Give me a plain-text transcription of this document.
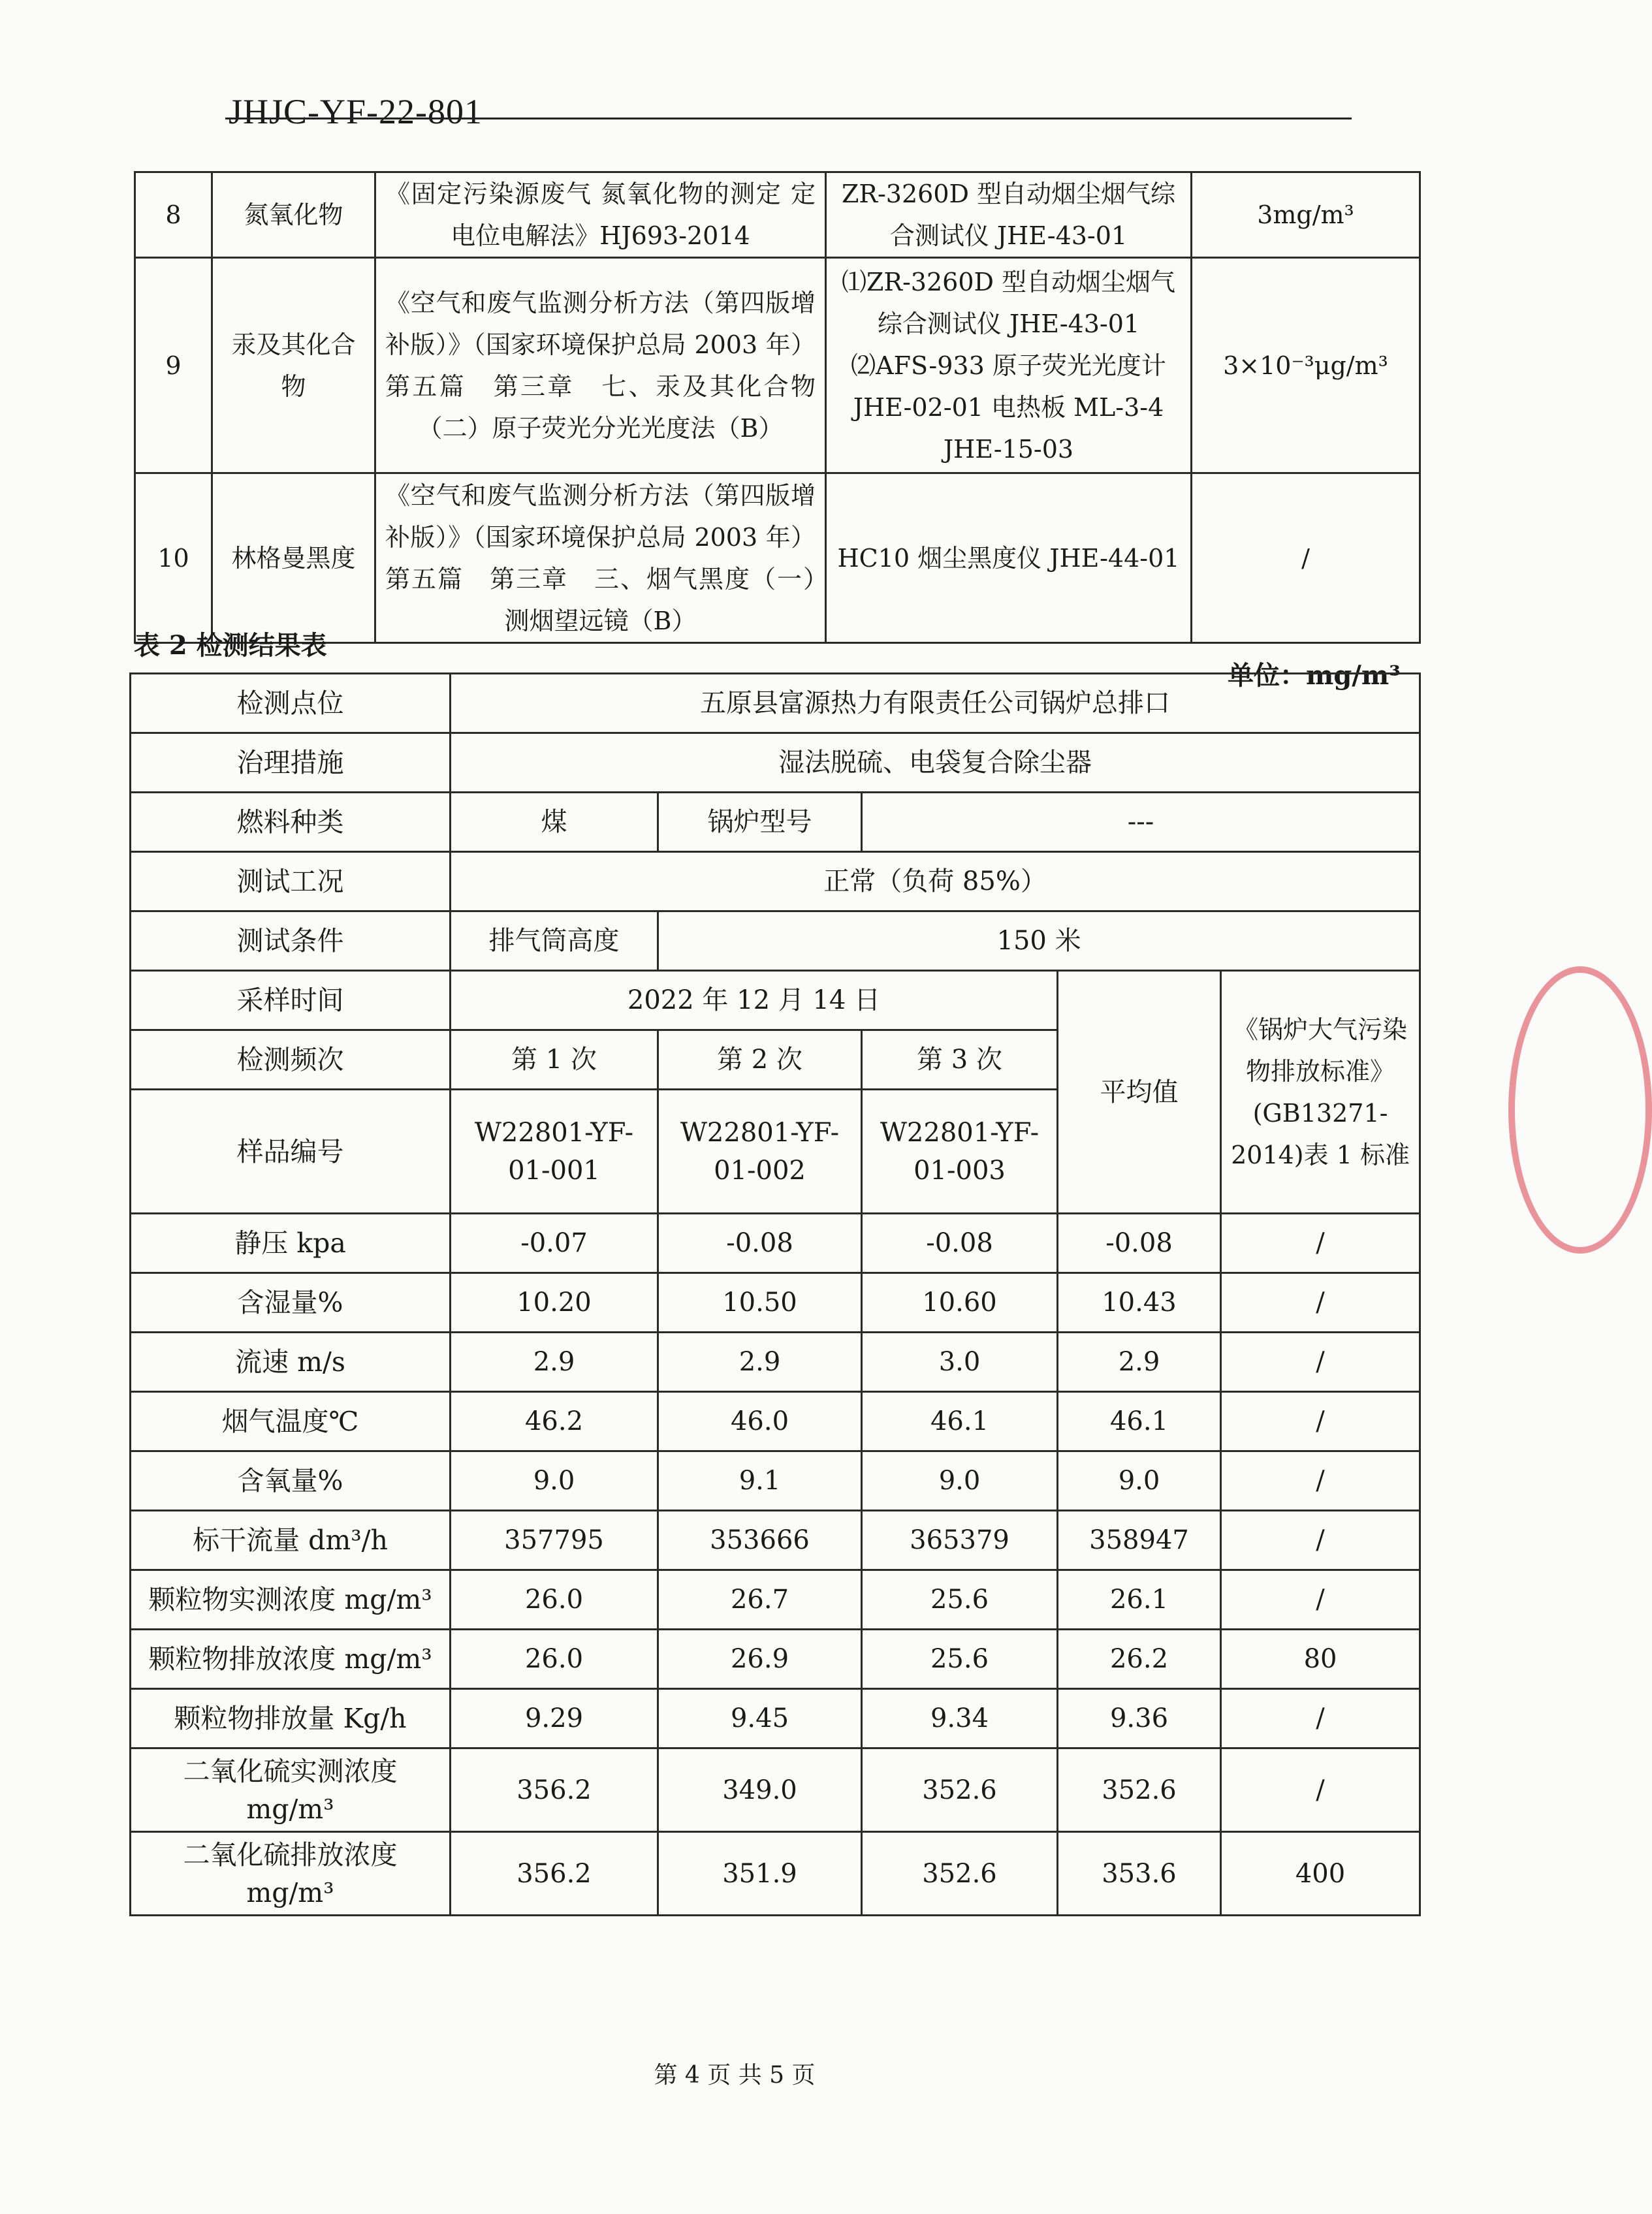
JHJC-YF-22-801
8	氮氧化物	《固定污染源废气 氮氧化物的测定 定电位电解法》HJ693-2014	ZR-3260D 型自动烟尘烟气综合测试仪 JHE-43-01	3mg/m³
9	汞及其化合物	《空气和废气监测分析方法（第四版增补版）》（国家环境保护总局 2003 年）第五篇　第三章　七、汞及其化合物（二）原子荧光分光光度法（B）	⑴ZR-3260D 型自动烟尘烟气综合测试仪 JHE-43-01 ⑵AFS-933 原子荧光光度计 JHE-02-01 电热板 ML-3-4　JHE-15-03	3×10⁻³μg/m³
10	林格曼黑度	《空气和废气监测分析方法（第四版增补版）》（国家环境保护总局 2003 年）第五篇　第三章　三、烟气黑度（一）　测烟望远镜（B）	HC10 烟尘黑度仪 JHE-44-01	/
表 2 检测结果表
单位：mg/m³
检测点位	五原县富源热力有限责任公司锅炉总排口				
治理措施	湿法脱硫、电袋复合除尘器				
燃料种类	煤	锅炉型号	---		
测试工况	正常（负荷 85%）				
测试条件	排气筒高度	150 米			
采样时间	2022 年 12 月 14 日			平均值	《锅炉大气污染物排放标准》(GB13271-2014)表 1 标准
检测频次	第 1 次	第 2 次	第 3 次		
样品编号	W22801-YF-01-001	W22801-YF-01-002	W22801-YF-01-003		
静压 kpa	-0.07	-0.08	-0.08	-0.08	/
含湿量%	10.20	10.50	10.60	10.43	/
流速 m/s	2.9	2.9	3.0	2.9	/
烟气温度℃	46.2	46.0	46.1	46.1	/
含氧量%	9.0	9.1	9.0	9.0	/
标干流量 dm³/h	357795	353666	365379	358947	/
颗粒物实测浓度 mg/m³	26.0	26.7	25.6	26.1	/
颗粒物排放浓度 mg/m³	26.0	26.9	25.6	26.2	80
颗粒物排放量 Kg/h	9.29	9.45	9.34	9.36	/
二氧化硫实测浓度 mg/m³	356.2	349.0	352.6	352.6	/
二氧化硫排放浓度 mg/m³	356.2	351.9	352.6	353.6	400
第 4 页 共 5 页
